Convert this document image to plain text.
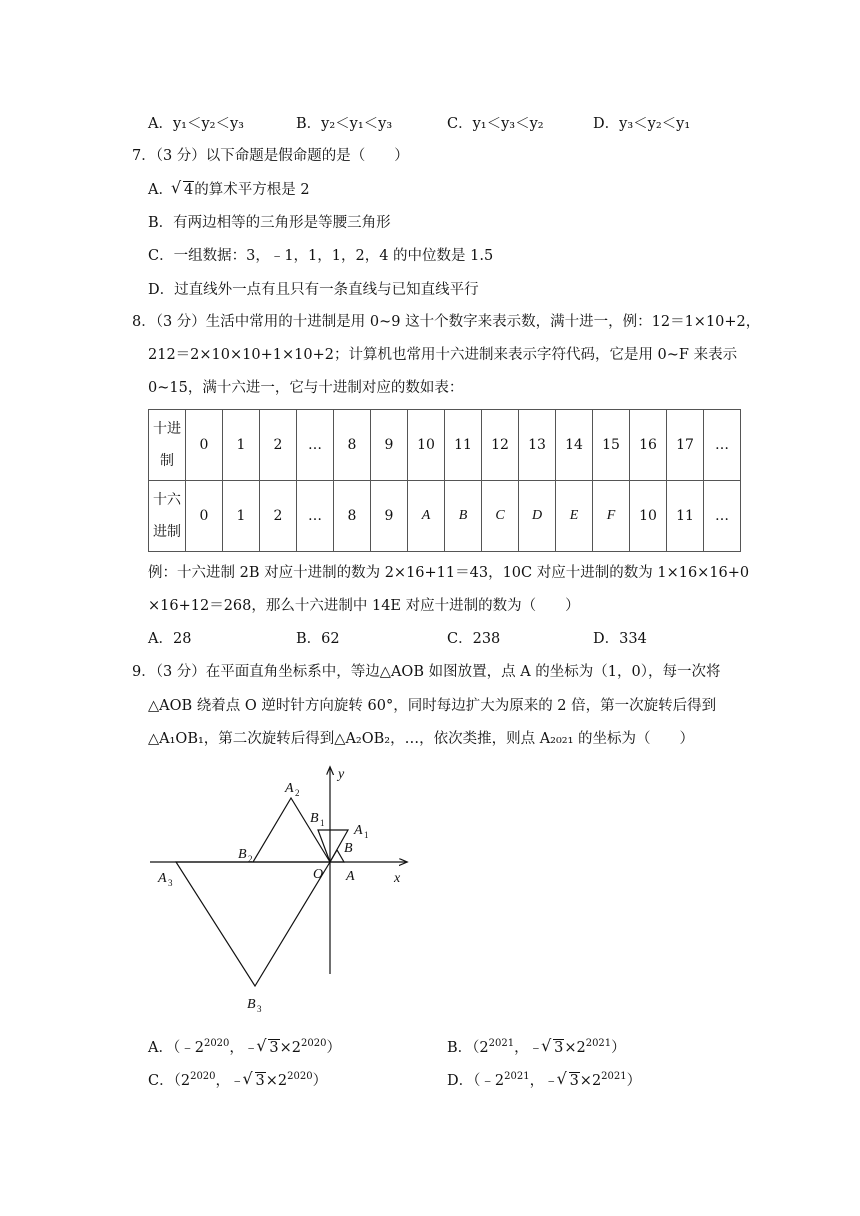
A．y₁＜y₂＜y₃	B．y₂＜y₁＜y₃	C．y₁＜y₃＜y₂	D．y₃＜y₂＜y₁
7．（3 分）以下命题是假命题的是（　　）
A． √ 4的算术平方根是 2
B．有两边相等的三角形是等腰三角形
C．一组数据：3，﹣1，1，1，2，4 的中位数是 1.5
D．过直线外一点有且只有一条直线与已知直线平行
8．（3 分）生活中常用的十进制是用 0~9 这十个数字来表示数，满十进一，例：12＝1×10+2，
212＝2×10×10+1×10+2；计算机也常用十六进制来表示字符代码，它是用 0~F 来表示
0~15，满十六进一，它与十进制对应的数如表：
十进
制	0	1	2	…	8	9	10	11	12	13	14	15	16	17	…

十六
进制	0	1	2	…	8	9	A	B	C	D	E	F	10	11	…
例：十六进制 2B 对应十进制的数为 2×16+11＝43，10C 对应十进制的数为 1×16×16+0
×16+12＝268，那么十六进制中 14E 对应十进制的数为（　　）
A．28	B．62	C．238	D．334
9．（3 分）在平面直角坐标系中，等边△AOB 如图放置，点 A 的坐标为（1，0），每一次将
△AOB 绕着点 O 逆时针方向旋转 60°，同时每边扩大为原来的 2 倍，第一次旋转后得到
△A₁OB₁，第二次旋转后得到△A₂OB₂，…，依次类推，则点 A₂₀₂₁ 的坐标为（　　）
y
x
O A
B
A 1
B 1
A 2
B 2
A 3
B 3
A．（$﹣2^{2020}$，﹣ √ $3\times 2^{2020}$）	B．（$2^{2021}$，﹣ √ $3\times 2^{2021}$）
C．（$2^{2020}$，﹣ √ $3\times 2^{2020}$）	D．（$﹣2^{2021}$，﹣ √ $3\times 2^{2021}$）
